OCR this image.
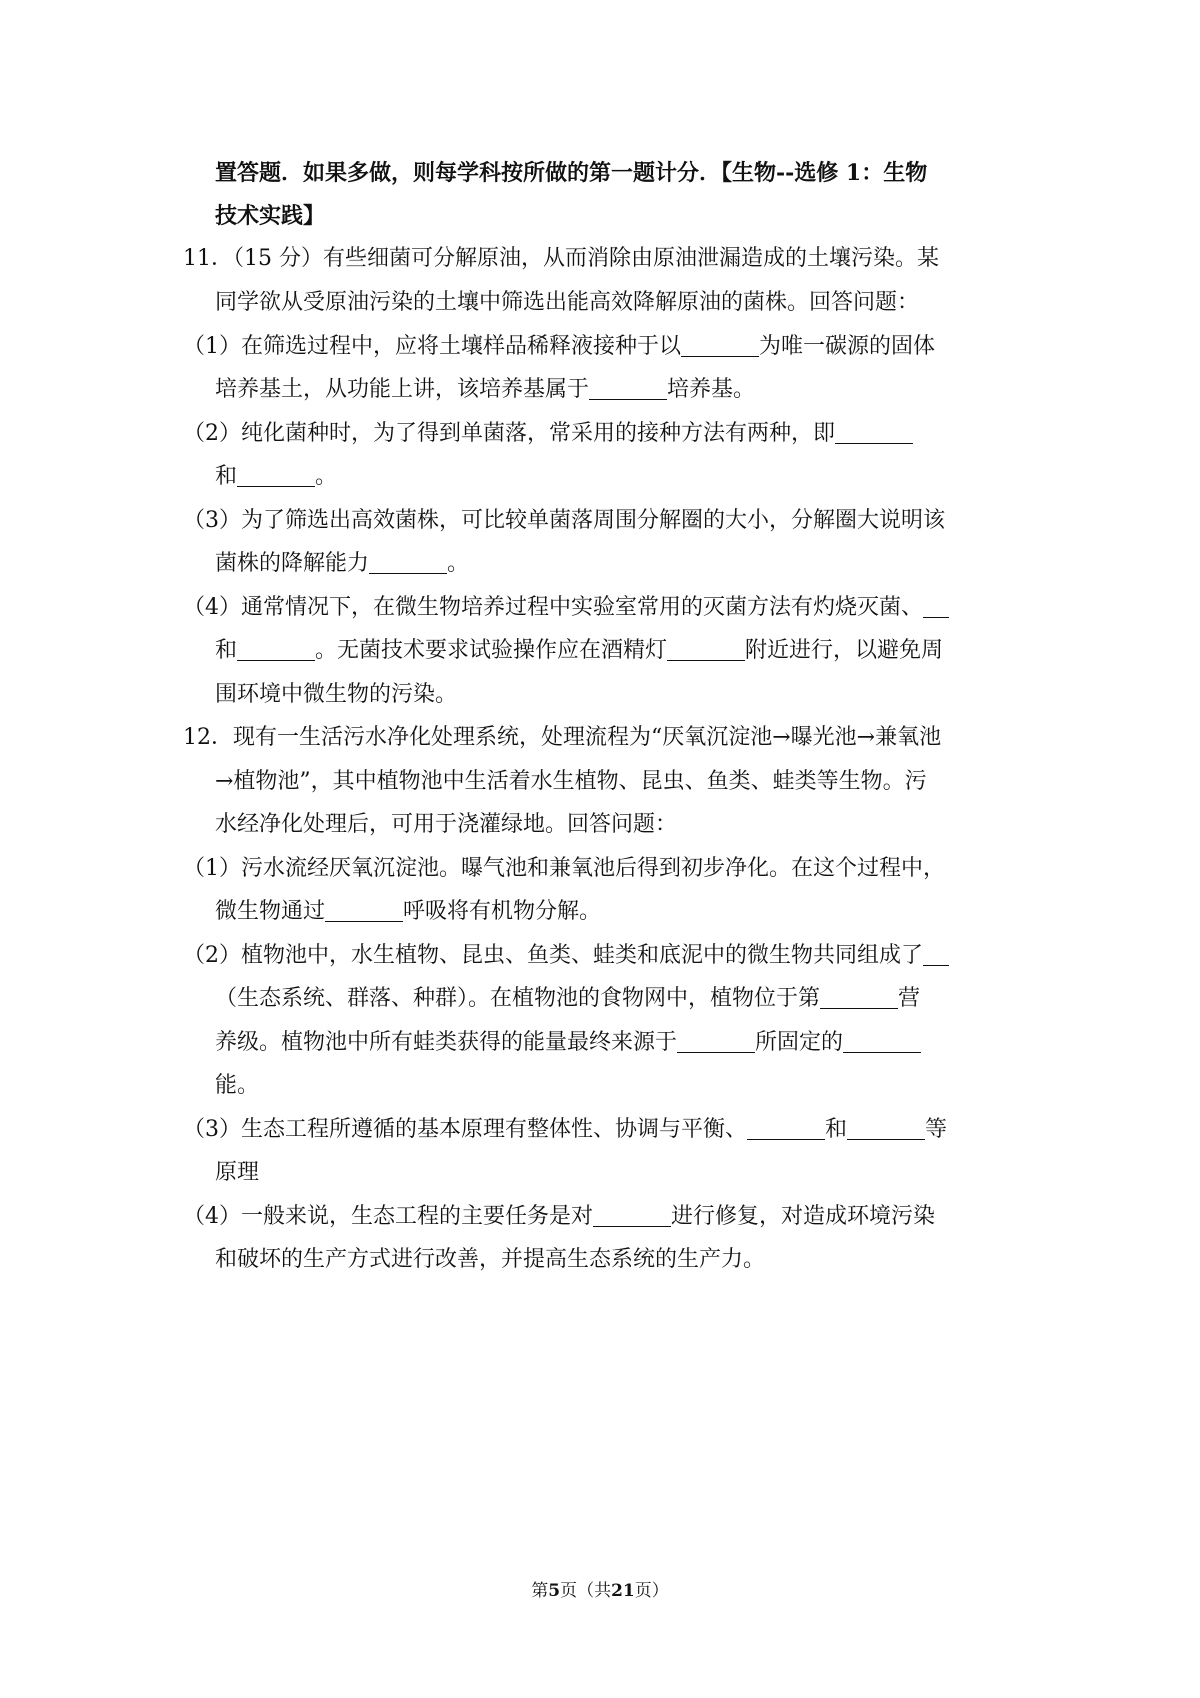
置答题．如果多做，则每学科按所做的第一题计分．【生物--选修 1：生物
技术实践】
11．（15 分）有些细菌可分解原油，从而消除由原油泄漏造成的土壤污染。某
同学欲从受原油污染的土壤中筛选出能高效降解原油的菌株。回答问题：
（1）在筛选过程中，应将土壤样品稀释液接种于以	为唯一碳源的固体
培养基土，从功能上讲，该培养基属于	培养基。
（2）纯化菌种时，为了得到单菌落，常采用的接种方法有两种，即
和	。
（3）为了筛选出高效菌株，可比较单菌落周围分解圈的大小，分解圈大说明该
菌株的降解能力	。
（4）通常情况下，在微生物培养过程中实验室常用的灭菌方法有灼烧灭菌、
和	。无菌技术要求试验操作应在酒精灯	附近进行，以避免周
围环境中微生物的污染。
12．现有一生活污水净化处理系统，处理流程为“厌氧沉淀池→曝光池→兼氧池
→植物池”，其中植物池中生活着水生植物、昆虫、鱼类、蛙类等生物。污
水经净化处理后，可用于浇灌绿地。回答问题：
（1）污水流经厌氧沉淀池。曝气池和兼氧池后得到初步净化。在这个过程中，
微生物通过	呼吸将有机物分解。
（2）植物池中，水生植物、昆虫、鱼类、蛙类和底泥中的微生物共同组成了
（生态系统、群落、种群）。在植物池的食物网中，植物位于第	营
养级。植物池中所有蛙类获得的能量最终来源于	所固定的
能。
（3）生态工程所遵循的基本原理有整体性、协调与平衡、	和	等
原理
（4）一般来说，生态工程的主要任务是对	进行修复，对造成环境污染
和破坏的生产方式进行改善，并提高生态系统的生产力。
第5页（共21页）
